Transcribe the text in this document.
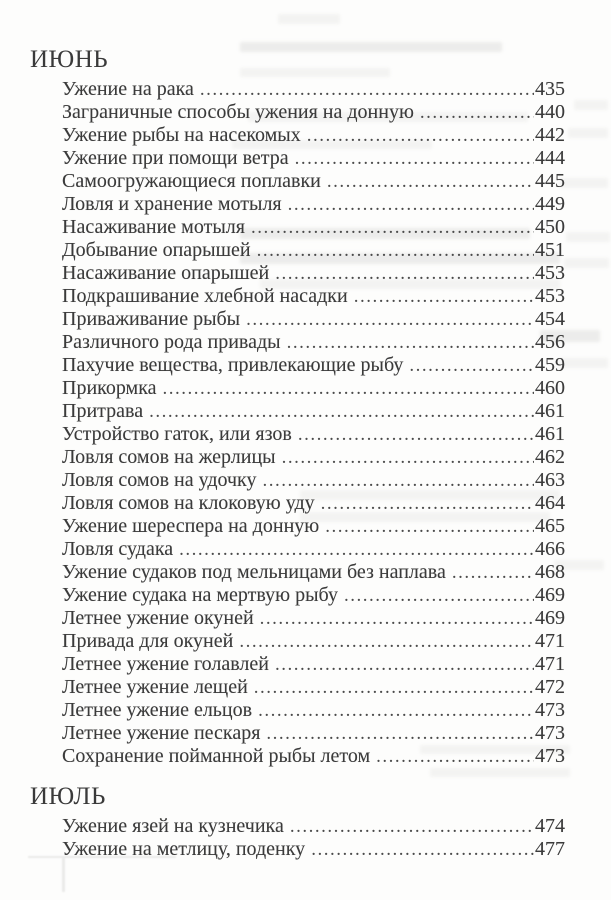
ИЮНЬ
Ужение на рака .....	435
Заграничные способы ужения на донную .....	440
Ужение рыбы на насекомых .....	442
Ужение при помощи ветра .....	444
Самоогружающиеся поплавки .....	445
Ловля и хранение мотыля .....	449
Насаживание мотыля .....	450
Добывание опарышей .....	451
Насаживание опарышей .....	453
Подкрашивание хлебной насадки .....	453
Приваживание рыбы .....	454
Различного рода привады .....	456
Пахучие вещества, привлекающие рыбу .....	459
Прикормка .....	460
Притрава .....	461
Устройство гаток, или язов .....	461
Ловля сомов на жерлицы .....	462
Ловля сомов на удочку .....	463
Ловля сомов на клоковую уду .....	464
Ужение шереспера на донную .....	465
Ловля судака .....	466
Ужение судаков под мельницами без наплава .....	468
Ужение судака на мертвую рыбу .....	469
Летнее ужение окуней .....	469
Привада для окуней .....	471
Летнее ужение голавлей .....	471
Летнее ужение лещей .....	472
Летнее ужение ельцов .....	473
Летнее ужение пескаря .....	473
Сохранение пойманной рыбы летом .....	473
ИЮЛЬ
Ужение язей на кузнечика .....	474
Ужение на метлицу, поденку .....	477
